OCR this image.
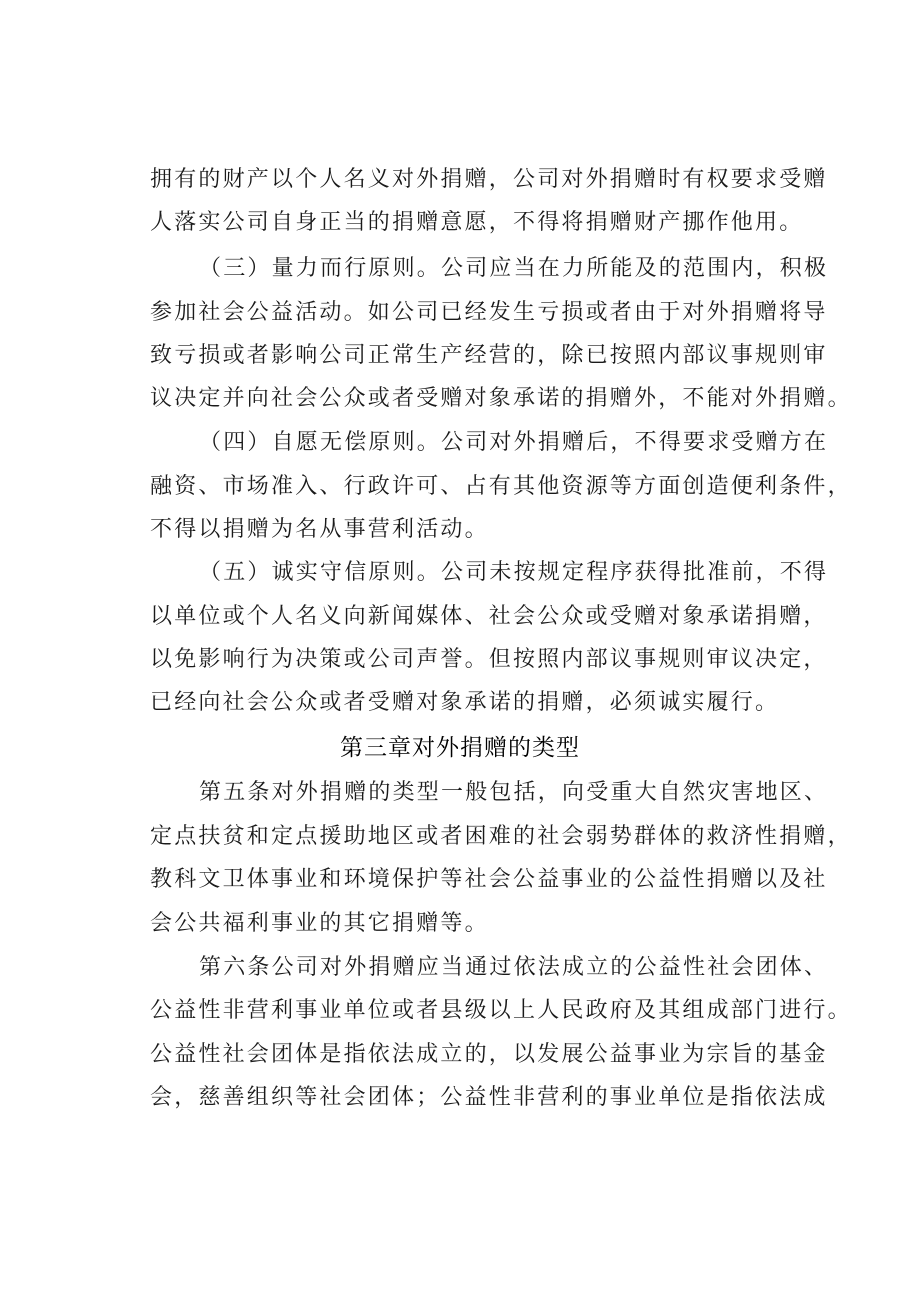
拥有的财产以个人名义对外捐赠，公司对外捐赠时有权要求受赠
人落实公司自身正当的捐赠意愿，不得将捐赠财产挪作他用。
（三）量力而行原则。公司应当在力所能及的范围内，积极
参加社会公益活动。如公司已经发生亏损或者由于对外捐赠将导
致亏损或者影响公司正常生产经营的，除已按照内部议事规则审
议决定并向社会公众或者受赠对象承诺的捐赠外，不能对外捐赠。
（四）自愿无偿原则。公司对外捐赠后，不得要求受赠方在
融资、市场准入、行政许可、占有其他资源等方面创造便利条件，
不得以捐赠为名从事营利活动。
（五）诚实守信原则。公司未按规定程序获得批准前，不得
以单位或个人名义向新闻媒体、社会公众或受赠对象承诺捐赠，
以免影响行为决策或公司声誉。但按照内部议事规则审议决定，
已经向社会公众或者受赠对象承诺的捐赠，必须诚实履行。
第三章对外捐赠的类型
第五条对外捐赠的类型一般包括，向受重大自然灾害地区、
定点扶贫和定点援助地区或者困难的社会弱势群体的救济性捐赠，
教科文卫体事业和环境保护等社会公益事业的公益性捐赠以及社
会公共福利事业的其它捐赠等。
第六条公司对外捐赠应当通过依法成立的公益性社会团体、
公益性非营利事业单位或者县级以上人民政府及其组成部门进行。
公益性社会团体是指依法成立的，以发展公益事业为宗旨的基金
会，慈善组织等社会团体；公益性非营利的事业单位是指依法成
